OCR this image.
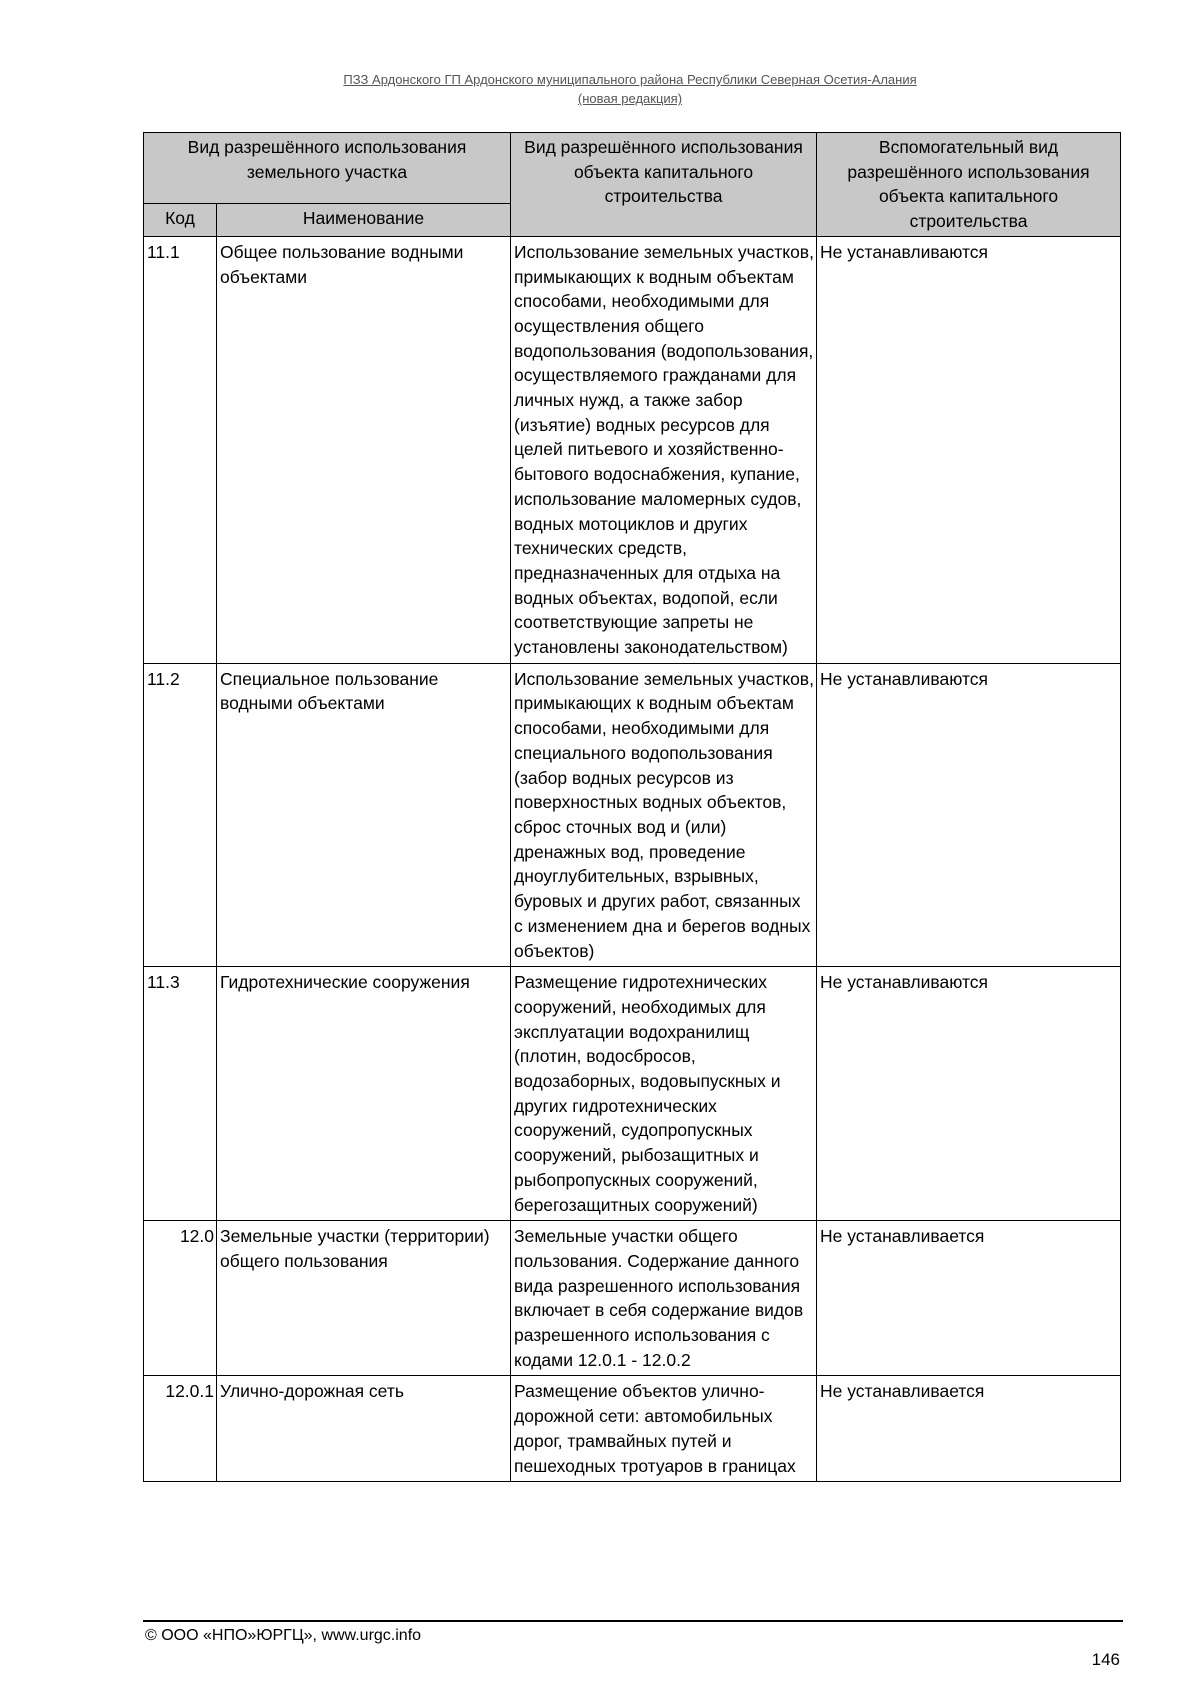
ПЗЗ Ардонского ГП Ардонского муниципального района Республики Северная Осетия-Алания
(новая редакция)
Вид разрешённого использования земельного участка		Вид разрешённого использования объекта капитального строительства	Вспомогательный вид разрешённого использования объекта капитального строительства
Код	Наименование		
11.1	Общее пользование водными объектами	Использование земельных участков, примыкающих к водным объектам способами, необходимыми для осуществления общего водопользования (водопользования, осуществляемого гражданами для личных нужд, а также забор (изъятие) водных ресурсов для целей питьевого и хозяйственно-бытового водоснабжения, купание, использование маломерных судов, водных мотоциклов и других технических средств, предназначенных для отдыха на водных объектах, водопой, если соответствующие запреты не установлены законодательством)	Не устанавливаются
11.2	Специальное пользование водными объектами	Использование земельных участков, примыкающих к водным объектам способами, необходимыми для специального водопользования (забор водных ресурсов из поверхностных водных объектов, сброс сточных вод и (или) дренажных вод, проведение дноуглубительных, взрывных, буровых и других работ, связанных с изменением дна и берегов водных объектов)	Не устанавливаются
11.3	Гидротехнические сооружения	Размещение гидротехнических сооружений, необходимых для эксплуатации водохранилищ (плотин, водосбросов, водозаборных, водовыпускных и других гидротехнических сооружений, судопропускных сооружений, рыбозащитных и рыбопропускных сооружений, берегозащитных сооружений)	Не устанавливаются
12.0	Земельные участки (территории) общего пользования	Земельные участки общего пользования. Содержание данного вида разрешенного использования включает в себя содержание видов разрешенного использования с кодами 12.0.1 - 12.0.2	Не устанавливается
12.0.1	Улично-дорожная сеть	Размещение объектов улично-дорожной сети: автомобильных дорог, трамвайных путей и пешеходных тротуаров в границах	Не устанавливается
© ООО «НПО»ЮРГЦ», www.urgc.info
146
